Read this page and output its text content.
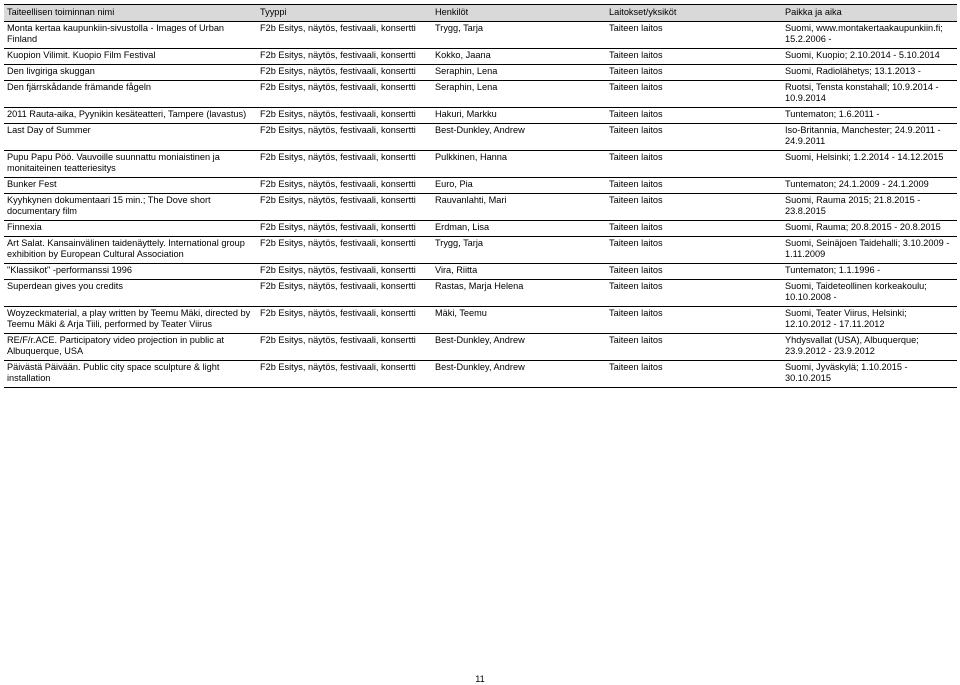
Taiteellisen toiminnan nimi	Tyyppi	Henkilöt	Laitokset/yksiköt	Paikka ja aika
Monta kertaa kaupunkiin-sivustolla - Images of Urban Finland	F2b Esitys, näytös, festivaali, konsertti	Trygg, Tarja	Taiteen laitos	Suomi, www.montakertaakaupunkiin.fi; 15.2.2006 -
Kuopion Vilimit. Kuopio Film Festival	F2b Esitys, näytös, festivaali, konsertti	Kokko, Jaana	Taiteen laitos	Suomi, Kuopio; 2.10.2014 - 5.10.2014
Den livgiriga skuggan	F2b Esitys, näytös, festivaali, konsertti	Seraphin, Lena	Taiteen laitos	Suomi, Radiolähetys; 13.1.2013 -
Den fjärrskådande främande fågeln	F2b Esitys, näytös, festivaali, konsertti	Seraphin, Lena	Taiteen laitos	Ruotsi, Tensta konstahall; 10.9.2014 - 10.9.2014
2011 Rauta-aika, Pyynikin kesäteatteri, Tampere (lavastus)	F2b Esitys, näytös, festivaali, konsertti	Hakuri, Markku	Taiteen laitos	Tuntematon; 1.6.2011 -
Last Day of Summer	F2b Esitys, näytös, festivaali, konsertti	Best-Dunkley, Andrew	Taiteen laitos	Iso-Britannia, Manchester; 24.9.2011 - 24.9.2011
Pupu Papu Pöö. Vauvoille suunnattu moniaistinen ja monitaiteinen teatteriesitys	F2b Esitys, näytös, festivaali, konsertti	Pulkkinen, Hanna	Taiteen laitos	Suomi, Helsinki; 1.2.2014 - 14.12.2015
Bunker Fest	F2b Esitys, näytös, festivaali, konsertti	Euro, Pia	Taiteen laitos	Tuntematon; 24.1.2009 - 24.1.2009
Kyyhkynen dokumentaari 15 min.; The Dove short documentary film	F2b Esitys, näytös, festivaali, konsertti	Rauvanlahti, Mari	Taiteen laitos	Suomi, Rauma 2015; 21.8.2015 - 23.8.2015
Finnexia	F2b Esitys, näytös, festivaali, konsertti	Erdman, Lisa	Taiteen laitos	Suomi, Rauma; 20.8.2015 - 20.8.2015
Art Salat. Kansainvälinen taidenäyttely. International group exhibition by European Cultural Association	F2b Esitys, näytös, festivaali, konsertti	Trygg, Tarja	Taiteen laitos	Suomi, Seinäjoen Taidehalli; 3.10.2009 - 1.11.2009
"Klassikot" -performanssi 1996	F2b Esitys, näytös, festivaali, konsertti	Vira, Riitta	Taiteen laitos	Tuntematon; 1.1.1996 -
Superdean gives you credits	F2b Esitys, näytös, festivaali, konsertti	Rastas, Marja Helena	Taiteen laitos	Suomi, Taideteollinen korkeakoulu; 10.10.2008 -
Woyzeckmaterial, a play written by Teemu Mäki, directed by Teemu Mäki & Arja Tiili, performed by Teater Viirus	F2b Esitys, näytös, festivaali, konsertti	Mäki, Teemu	Taiteen laitos	Suomi, Teater Viirus, Helsinki; 12.10.2012 - 17.11.2012
RE/F/r.ACE. Participatory video projection in public at Albuquerque, USA	F2b Esitys, näytös, festivaali, konsertti	Best-Dunkley, Andrew	Taiteen laitos	Yhdysvallat (USA), Albuquerque; 23.9.2012 - 23.9.2012
Päivästä Päivään. Public city space sculpture & light installation	F2b Esitys, näytös, festivaali, konsertti	Best-Dunkley, Andrew	Taiteen laitos	Suomi, Jyväskylä; 1.10.2015 - 30.10.2015
11
